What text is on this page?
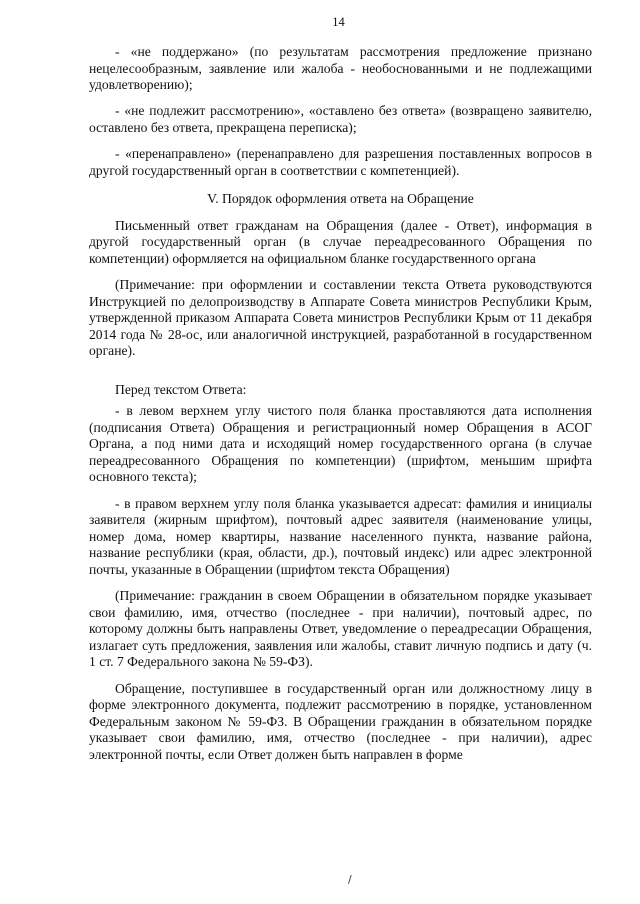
14

- «не поддержано» (по результатам рассмотрения предложение признано нецелесообразным, заявление или жалоба - необоснованными и не подлежащими удовлетворению);

- «не подлежит рассмотрению», «оставлено без ответа» (возвращено заявителю, оставлено без ответа, прекращена переписка);

- «перенаправлено» (перенаправлено для разрешения поставленных вопросов в другой государственный орган в соответствии с компетенцией).

V. Порядок оформления ответа на Обращение

Письменный ответ гражданам на Обращения (далее - Ответ), информация в другой государственный орган (в случае переадресованного Обращения по компетенции) оформляется на официальном бланке государственного органа

(Примечание: при оформлении и составлении текста Ответа руководствуются Инструкцией по делопроизводству в Аппарате Совета министров Республики Крым, утвержденной приказом Аппарата Совета министров Республики Крым от 11 декабря 2014 года № 28-ос, или аналогичной инструкцией, разработанной в государственном органе).

Перед текстом Ответа:

- в левом верхнем углу чистого поля бланка проставляются дата исполнения (подписания Ответа) Обращения и регистрационный номер Обращения в АСОГ Органа, а под ними дата и исходящий номер государственного органа (в случае переадресованного Обращения по компетенции) (шрифтом, меньшим шрифта основного текста);

- в правом верхнем углу поля бланка указывается адресат: фамилия и инициалы заявителя (жирным шрифтом), почтовый адрес заявителя (наименование улицы, номер дома, номер квартиры, название населенного пункта, название района, название республики (края, области, др.), почтовый индекс) или адрес электронной почты, указанные в Обращении (шрифтом текста Обращения)

(Примечание: гражданин в своем Обращении в обязательном порядке указывает свои фамилию, имя, отчество (последнее - при наличии), почтовый адрес, по которому должны быть направлены Ответ, уведомление о переадресации Обращения, излагает суть предложения, заявления или жалобы, ставит личную подпись и дату (ч. 1 ст. 7 Федерального закона № 59-ФЗ).

Обращение, поступившее в государственный орган или должностному лицу в форме электронного документа, подлежит рассмотрению в порядке, установленном Федеральным законом № 59-ФЗ. В Обращении гражданин в обязательном порядке указывает свои фамилию, имя, отчество (последнее - при наличии), адрес электронной почты, если Ответ должен быть направлен в форме

/
